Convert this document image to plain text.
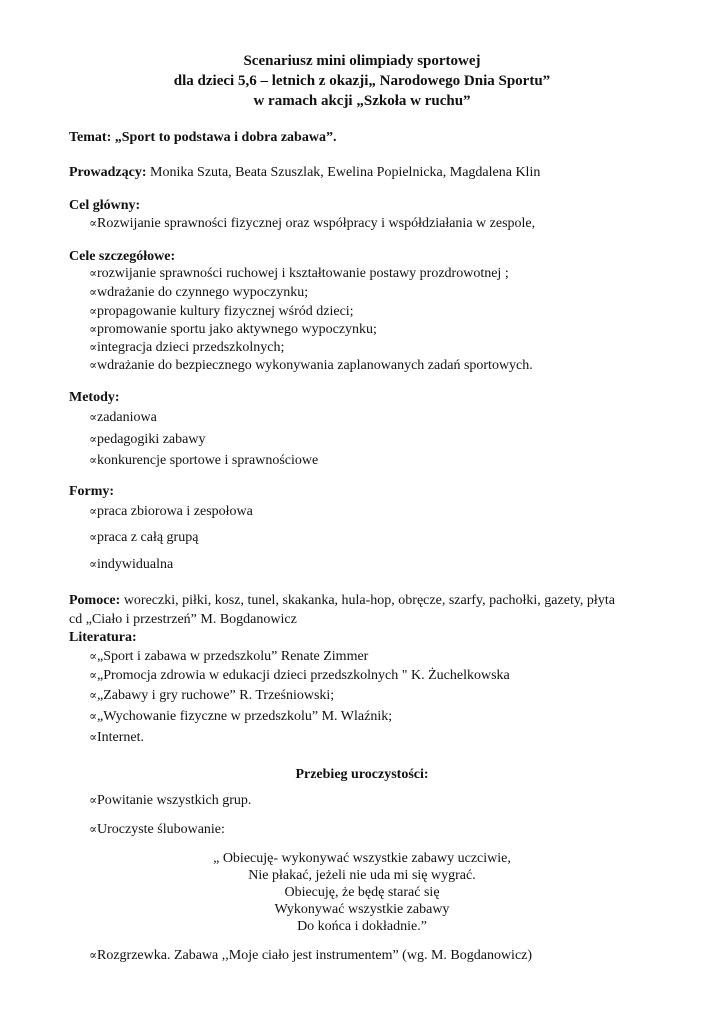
Scenariusz mini olimpiady sportowej
dla dzieci 5,6 – letnich z okazji„ Narodowego Dnia Sportu”
w ramach akcji „Szkoła w ruchu”
Temat: „Sport to podstawa i dobra zabawa”.
Prowadzący: Monika Szuta, Beata Szuszlak, Ewelina Popielnicka, Magdalena Klin
Cel główny:
∝Rozwijanie sprawności fizycznej oraz współpracy i współdziałania w zespole,
Cele szczegółowe:
∝rozwijanie sprawności ruchowej i kształtowanie postawy prozdrowotnej ;
∝wdrażanie do czynnego wypoczynku;
∝propagowanie kultury fizycznej wśród dzieci;
∝promowanie sportu jako aktywnego wypoczynku;
∝integracja dzieci przedszkolnych;
∝wdrażanie do bezpiecznego wykonywania zaplanowanych zadań sportowych.
Metody:
∝zadaniowa
∝pedagogiki zabawy
∝konkurencje sportowe i sprawnościowe
Formy:
∝praca zbiorowa i zespołowa
∝praca z całą grupą
∝indywidualna
Pomoce: woreczki, piłki, kosz, tunel, skakanka, hula-hop, obręcze, szarfy, pachołki, gazety, płyta
cd „Ciało i przestrzeń” M. Bogdanowicz
Literatura:
∝„Sport i zabawa w przedszkolu” Renate Zimmer
∝„Promocja zdrowia w edukacji dzieci przedszkolnych " K. Żuchelkowska
∝„Zabawy i gry ruchowe” R. Trześniowski;
∝„Wychowanie fizyczne w przedszkolu” M. Wlaźnik;
∝Internet.
Przebieg uroczystości:
∝Powitanie wszystkich grup.
∝Uroczyste ślubowanie:
„ Obiecuję- wykonywać wszystkie zabawy uczciwie,
Nie płakać, jeżeli nie uda mi się wygrać.
Obiecuję, że będę starać się
Wykonywać wszystkie zabawy
Do końca i dokładnie.”
∝Rozgrzewka. Zabawa ,,Moje ciało jest instrumentem” (wg. M. Bogdanowicz)
